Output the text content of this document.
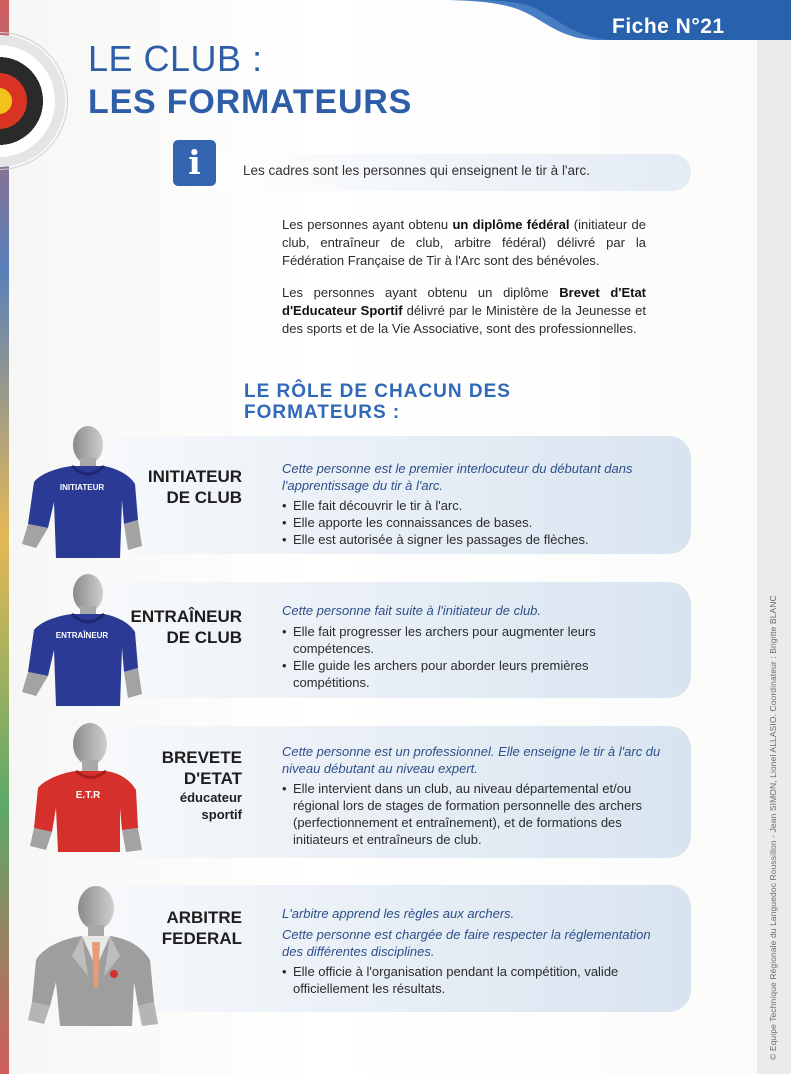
Fiche N°21
LE CLUB :
LES FORMATEURS
i	Les cadres sont les personnes qui enseignent le tir à l'arc.
Les personnes ayant obtenu un diplôme fédéral (initiateur de club, entraîneur de club, arbitre fédéral) délivré par la Fédération Française de Tir à l'Arc sont des bénévoles.
Les personnes ayant obtenu un diplôme Brevet d'Etat d'Educateur Sportif délivré par le Ministère de la Jeunesse et des sports et de la Vie Associative, sont des professionnelles.
LE RÔLE DE CHACUN DES
FORMATEURS :
INITIATEUR
INITIATEUR
DE CLUB
Cette personne est le premier interlocuteur du débutant dans l'apprentissage du tir à l'arc.
• Elle fait découvrir le tir à l'arc.
• Elle apporte les connaissances de bases.
• Elle est autorisée à signer les passages de flèches.
ENTRAÎNEUR
ENTRAÎNEUR
DE CLUB
Cette personne fait suite à l'initiateur de club.
• Elle fait progresser les archers pour augmenter leurs compétences.
• Elle guide les archers pour aborder leurs premières compétitions.
E.T.R
BREVETE
D'ETAT
éducateur
sportif
Cette personne est un professionnel. Elle enseigne le tir à l'arc du niveau débutant au niveau expert.
• Elle intervient dans un club, au niveau départemental et/ou régional lors de stages de formation personnelle des archers (perfectionnement et entraînement), et de formations des initiateurs et entraîneurs de club.
ARBITRE
FEDERAL
L'arbitre apprend les règles aux archers.
Cette personne est chargée de faire respecter la réglementation des différentes disciplines.
• Elle officie à l'organisation pendant la compétition, valide officiellement les résultats.	© Equipe Technique Régionale du Languedoc Roussillon - Jean SIMON, Lionel ALLASIO. Coordinateur : Brigitte BLANC
